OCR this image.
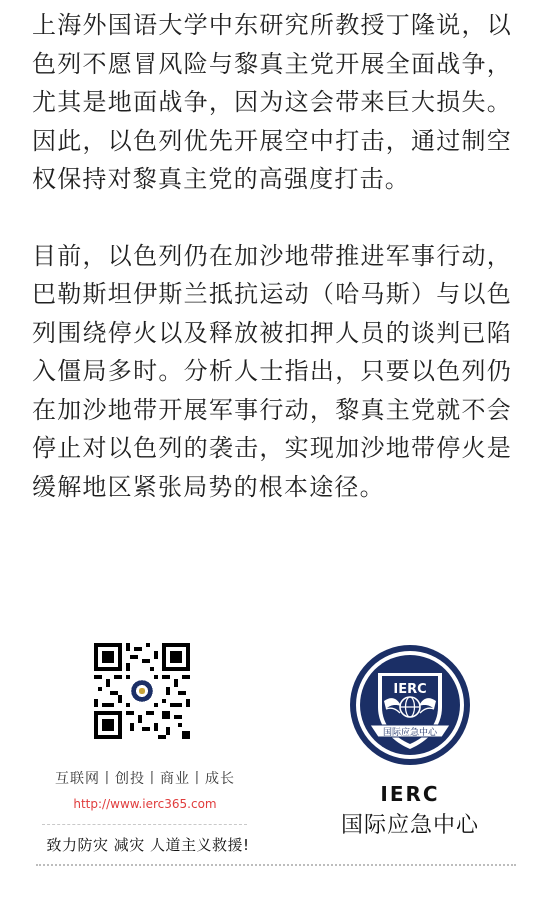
上海外国语大学中东研究所教授丁隆说，以色列不愿冒风险与黎真主党开展全面战争，尤其是地面战争，因为这会带来巨大损失。因此，以色列优先开展空中打击，通过制空权保持对黎真主党的高强度打击。

目前，以色列仍在加沙地带推进军事行动，巴勒斯坦伊斯兰抵抗运动（哈马斯）与以色列围绕停火以及释放被扣押人员的谈判已陷入僵局多时。分析人士指出，只要以色列仍在加沙地带开展军事行动，黎真主党就不会停止对以色列的袭击，实现加沙地带停火是缓解地区紧张局势的根本途径。

互联网丨创投丨商业丨成长
http://www.ierc365.com
致力防灾 减灾 人道主义救援!
国际应急中心
IERC
IERC
国际应急中心
